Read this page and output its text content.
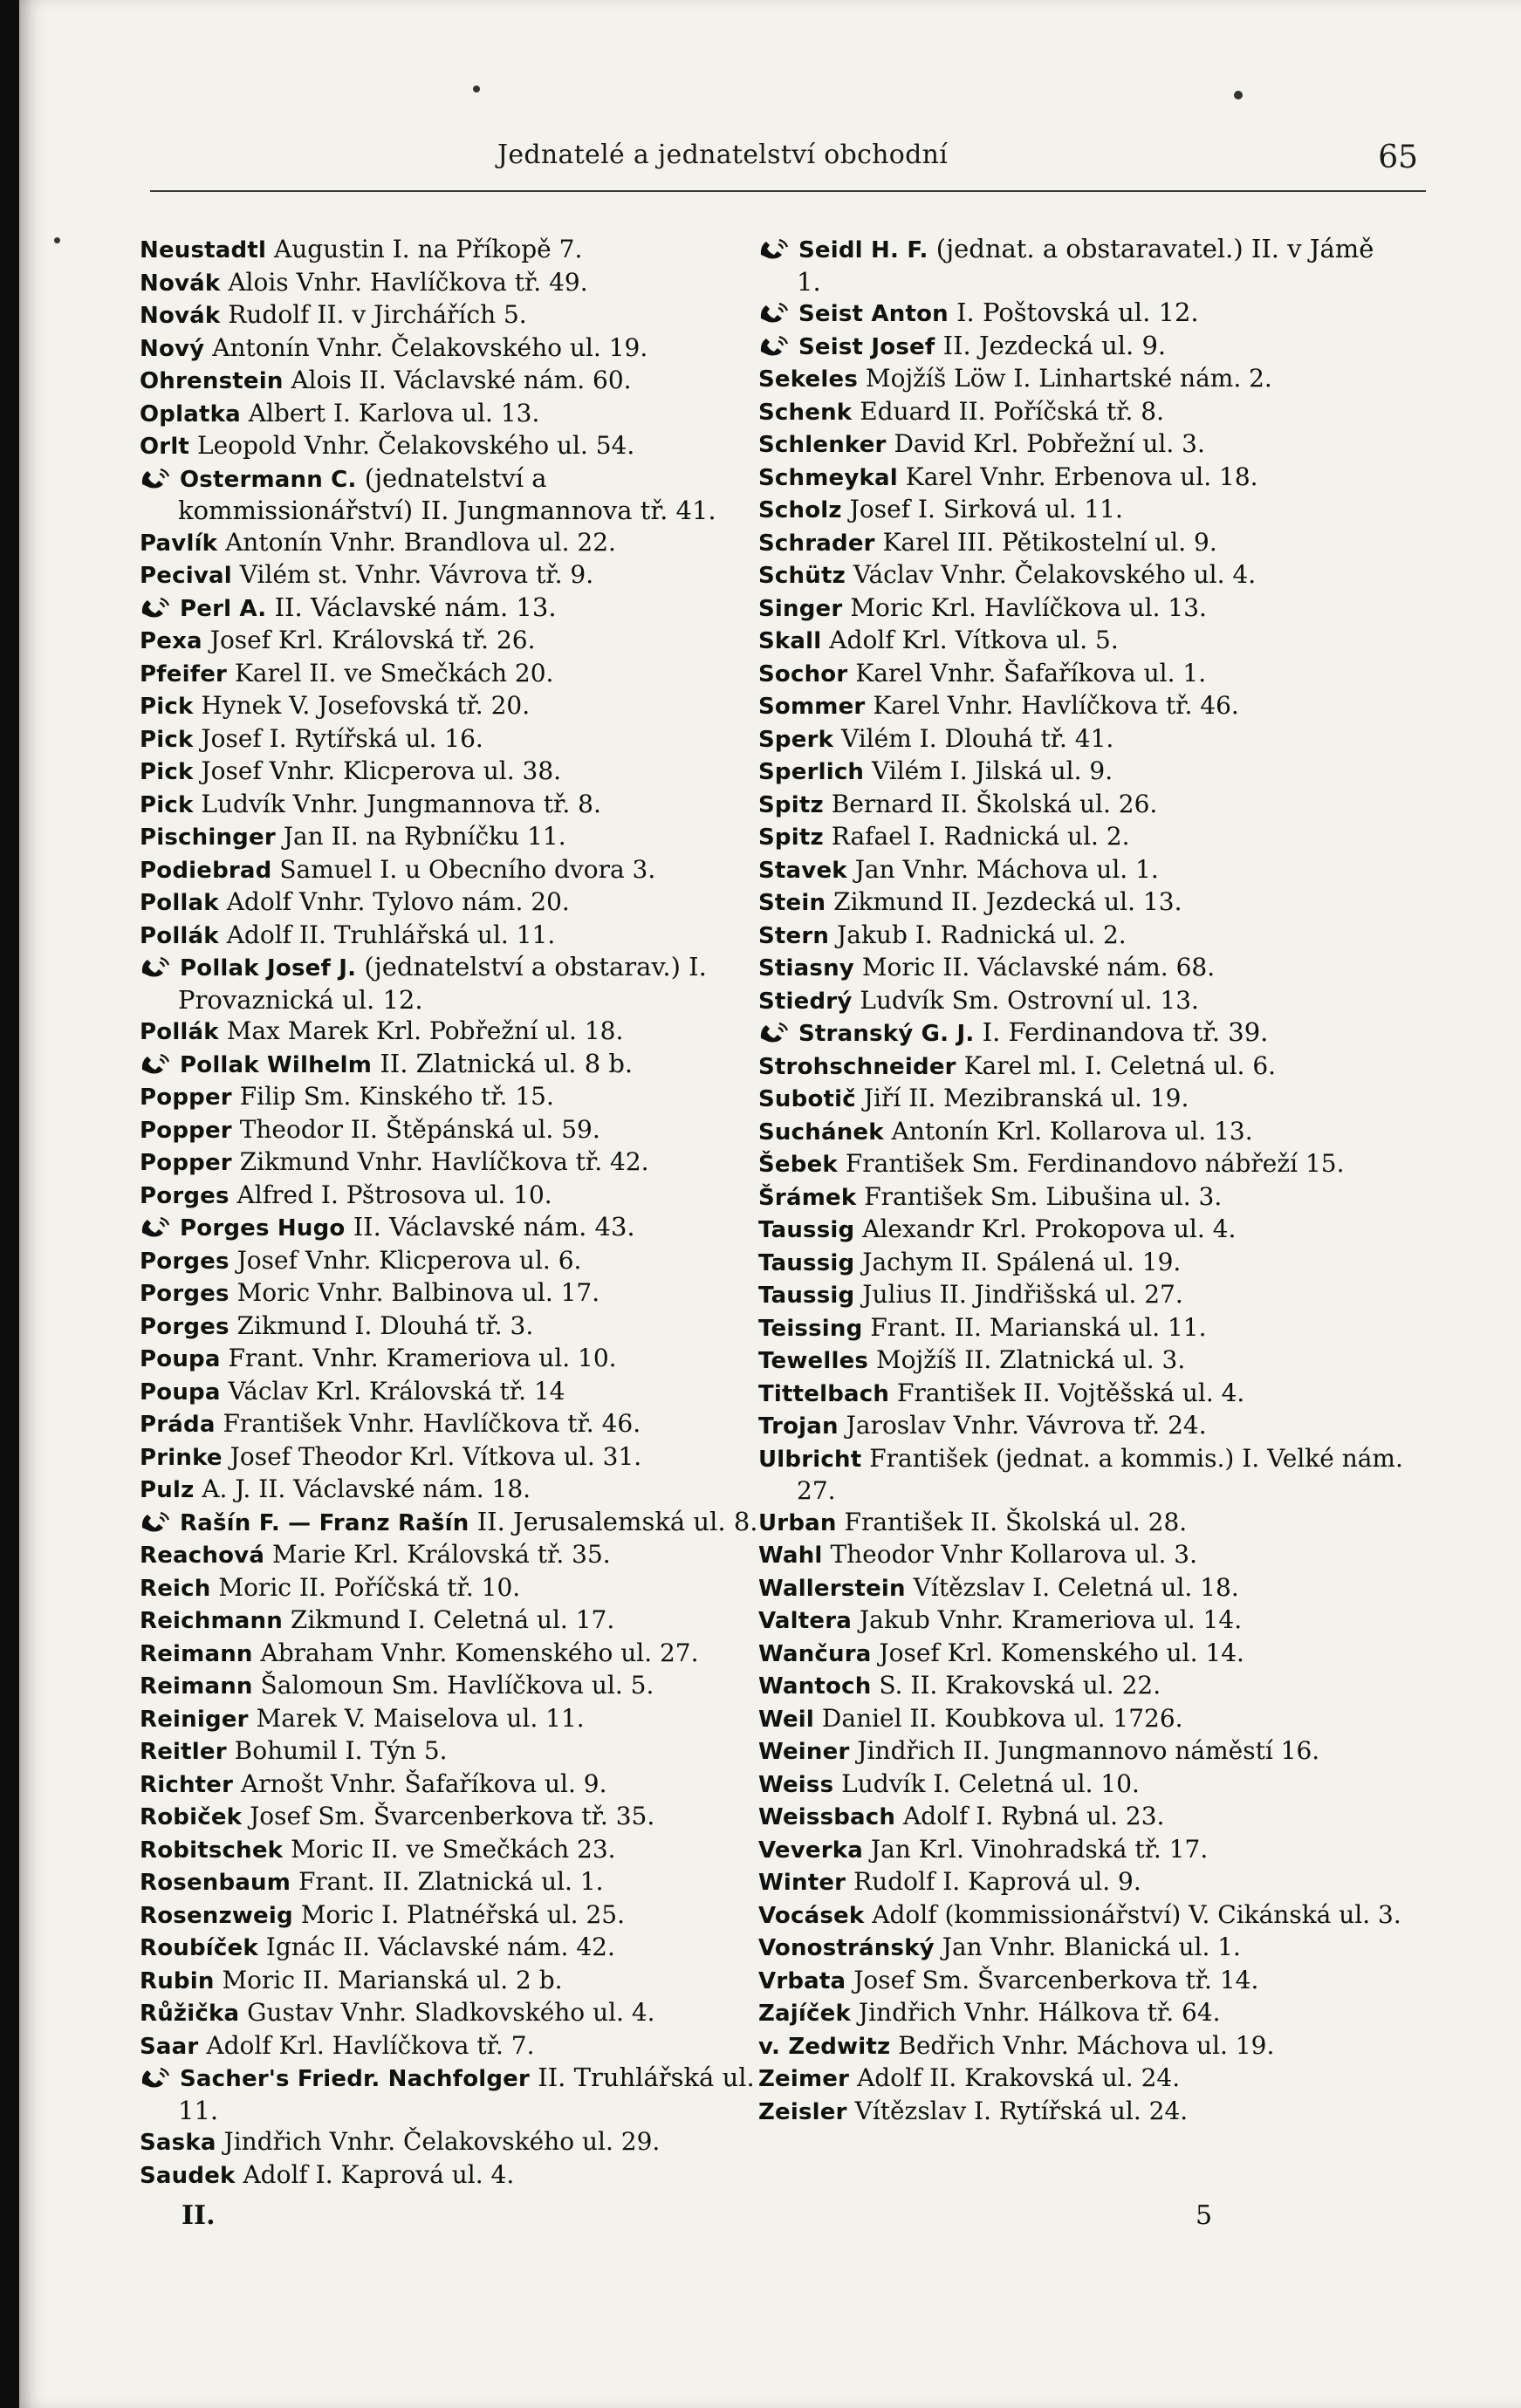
Jednatelé a jednatelství obchodní	65
Neustadtl Augustin I. na Příkopě 7.
Novák Alois Vnhr. Havlíčkova tř. 49.
Novák Rudolf II. v Jirchářích 5.
Nový Antonín Vnhr. Čelakovského ul. 19.
Ohrenstein Alois II. Václavské nám. 60.
Oplatka Albert I. Karlova ul. 13.
Orlt Leopold Vnhr. Čelakovského ul. 54.
Ostermann C. (jednatelství a kommissionářství) II. Jungmannova tř. 41.
Pavlík Antonín Vnhr. Brandlova ul. 22.
Pecival Vilém st. Vnhr. Vávrova tř. 9.
Perl A. II. Václavské nám. 13.
Pexa Josef Krl. Královská tř. 26.
Pfeifer Karel II. ve Smečkách 20.
Pick Hynek V. Josefovská tř. 20.
Pick Josef I. Rytířská ul. 16.
Pick Josef Vnhr. Klicperova ul. 38.
Pick Ludvík Vnhr. Jungmannova tř. 8.
Pischinger Jan II. na Rybníčku 11.
Podiebrad Samuel I. u Obecního dvora 3.
Pollak Adolf Vnhr. Tylovo nám. 20.
Pollák Adolf II. Truhlářská ul. 11.
Pollak Josef J. (jednatelství a obstarav.) I. Provaznická ul. 12.
Pollák Max Marek Krl. Pobřežní ul. 18.
Pollak Wilhelm II. Zlatnická ul. 8 b.
Popper Filip Sm. Kinského tř. 15.
Popper Theodor II. Štěpánská ul. 59.
Popper Zikmund Vnhr. Havlíčkova tř. 42.
Porges Alfred I. Pštrosova ul. 10.
Porges Hugo II. Václavské nám. 43.
Porges Josef Vnhr. Klicperova ul. 6.
Porges Moric Vnhr. Balbinova ul. 17.
Porges Zikmund I. Dlouhá tř. 3.
Poupa Frant. Vnhr. Krameriova ul. 10.
Poupa Václav Krl. Královská tř. 14
Práda František Vnhr. Havlíčkova tř. 46.
Prinke Josef Theodor Krl. Vítkova ul. 31.
Pulz A. J. II. Václavské nám. 18.
Rašín F. — Franz Rašín II. Jerusalemská ul. 8.
Reachová Marie Krl. Královská tř. 35.
Reich Moric II. Poříčská tř. 10.
Reichmann Zikmund I. Celetná ul. 17.
Reimann Abraham Vnhr. Komenského ul. 27.
Reimann Šalomoun Sm. Havlíčkova ul. 5.
Reiniger Marek V. Maiselova ul. 11.
Reitler Bohumil I. Týn 5.
Richter Arnošt Vnhr. Šafaříkova ul. 9.
Robiček Josef Sm. Švarcenberkova tř. 35.
Robitschek Moric II. ve Smečkách 23.
Rosenbaum Frant. II. Zlatnická ul. 1.
Rosenzweig Moric I. Platnéřská ul. 25.
Roubíček Ignác II. Václavské nám. 42.
Rubin Moric II. Marianská ul. 2 b.
Růžička Gustav Vnhr. Sladkovského ul. 4.
Saar Adolf Krl. Havlíčkova tř. 7.
Sacher's Friedr. Nachfolger II. Truhlářská ul. 11.
Saska Jindřich Vnhr. Čelakovského ul. 29.
Saudek Adolf I. Kaprová ul. 4.
Seidl H. F. (jednat. a obstaravatel.) II. v Jámě 1.
Seist Anton I. Poštovská ul. 12.
Seist Josef II. Jezdecká ul. 9.
Sekeles Mojžíš Löw I. Linhartské nám. 2.
Schenk Eduard II. Poříčská tř. 8.
Schlenker David Krl. Pobřežní ul. 3.
Schmeykal Karel Vnhr. Erbenova ul. 18.
Scholz Josef I. Sirková ul. 11.
Schrader Karel III. Pětikostelní ul. 9.
Schütz Václav Vnhr. Čelakovského ul. 4.
Singer Moric Krl. Havlíčkova ul. 13.
Skall Adolf Krl. Vítkova ul. 5.
Sochor Karel Vnhr. Šafaříkova ul. 1.
Sommer Karel Vnhr. Havlíčkova tř. 46.
Sperk Vilém I. Dlouhá tř. 41.
Sperlich Vilém I. Jilská ul. 9.
Spitz Bernard II. Školská ul. 26.
Spitz Rafael I. Radnická ul. 2.
Stavek Jan Vnhr. Máchova ul. 1.
Stein Zikmund II. Jezdecká ul. 13.
Stern Jakub I. Radnická ul. 2.
Stiasny Moric II. Václavské nám. 68.
Stiedrý Ludvík Sm. Ostrovní ul. 13.
Stranský G. J. I. Ferdinandova tř. 39.
Strohschneider Karel ml. I. Celetná ul. 6.
Subotič Jiří II. Mezibranská ul. 19.
Suchánek Antonín Krl. Kollarova ul. 13.
Šebek František Sm. Ferdinandovo nábřeží 15.
Šrámek František Sm. Libušina ul. 3.
Taussig Alexandr Krl. Prokopova ul. 4.
Taussig Jachym II. Spálená ul. 19.
Taussig Julius II. Jindřišská ul. 27.
Teissing Frant. II. Marianská ul. 11.
Tewelles Mojžíš II. Zlatnická ul. 3.
Tittelbach František II. Vojtěšská ul. 4.
Trojan Jaroslav Vnhr. Vávrova tř. 24.
Ulbricht František (jednat. a kommis.) I. Velké nám. 27.
Urban František II. Školská ul. 28.
Wahl Theodor Vnhr Kollarova ul. 3.
Wallerstein Vítězslav I. Celetná ul. 18.
Valtera Jakub Vnhr. Krameriova ul. 14.
Wančura Josef Krl. Komenského ul. 14.
Wantoch S. II. Krakovská ul. 22.
Weil Daniel II. Koubkova ul. 1726.
Weiner Jindřich II. Jungmannovo náměstí 16.
Weiss Ludvík I. Celetná ul. 10.
Weissbach Adolf I. Rybná ul. 23.
Veverka Jan Krl. Vinohradská tř. 17.
Winter Rudolf I. Kaprová ul. 9.
Vocásek Adolf (kommissionářství) V. Cikánská ul. 3.
Vonostránský Jan Vnhr. Blanická ul. 1.
Vrbata Josef Sm. Švarcenberkova tř. 14.
Zajíček Jindřich Vnhr. Hálkova tř. 64.
v. Zedwitz Bedřich Vnhr. Máchova ul. 19.
Zeimer Adolf II. Krakovská ul. 24.
Zeisler Vítězslav I. Rytířská ul. 24.
II.	5
